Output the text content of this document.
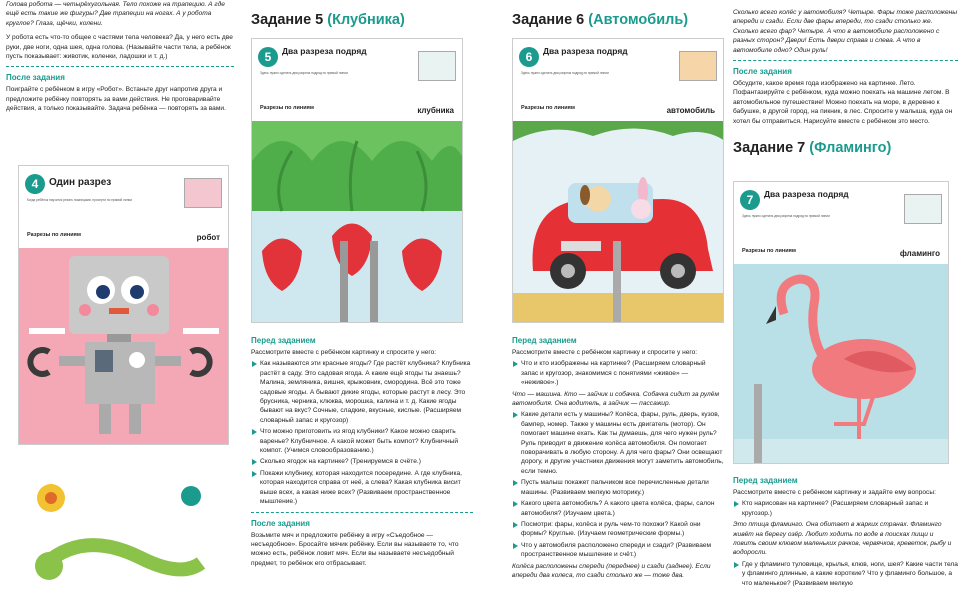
Голова робота — четырёхугольная. Тело похоже на трапецию. А где ещё есть такие же фигуры? Две трапеции на ногах. А у робота круглое? Глаза, щёчки, колени.

У робота есть что-то общее с частями тела человека? Да, у него есть две руки, две ноги, одна шея, одна голова. (Называйте части тела, а ребёнок пусть показывает: животик, коленки, ладошки и т. д.)

После задания

Поиграйте с ребёнком в игру «Робот». Встаньте друг напротив друга и предложите ребёнку повторять за вами действия. Не проговаривайте действия, а только показывайте. Задача ребёнка — повторять за вами.

4	Один разрез
Когда ребёнок научится резать ножницами, прочерти по прямой линии
Разрезы по линиям	робот
Задание 5 (Клубника)
5	Два разреза подряд
Здесь нужно сделать два разреза подряд по прямой линии
Разрезы по линиям	клубника
Перед заданием

Рассмотрите вместе с ребёнком картинку и спросите у него:

Как называются эти красные ягоды? Где растёт клубника? Клубника растёт в саду. Это садовая ягода. А какие ещё ягоды ты знаешь? Малина, земляника, вишня, крыжовник, смородина. Всё это тоже садовые ягоды. А бывают дикие ягоды, которые растут в лесу. Это брусника, черника, клюква, морошка, калина и т. д. Какие ягоды бывают на вкус? Сочные, сладкие, вкусные, кислые. (Расширяем словарный запас и кругозор)

Что можно приготовить из ягод клубники? Какое можно сварить варенье? Клубничное. А какой может быть компот? Клубничный компот. (Учимся словообразованию.)

Сколько ягодок на картинке? (Тренируемся в счёте.)

Покажи клубнику, которая находится посередине. А где клубника, которая находится справа от неё, а слева? Какая клубника висит выше всех, а какая ниже всех? (Развиваем пространственное мышление.)

После задания

Возьмите мяч и предложите ребёнку в игру «Съедобное — несъедобное». Бросайте мячик ребёнку. Если вы называете то, что можно есть, ребёнок ловит мяч. Если вы называете несъедобный предмет, то ребёнок его отбрасывает.

Задание 6 (Автомобиль)
6	Два разреза подряд
Здесь нужно сделать два разреза подряд по прямой линии
Разрезы по линиям	автомобиль
Перед заданием

Рассмотрите вместе с ребёнком картинку и спросите у него:

Что и кто изображены на картинке? (Расширяем словарный запас и кругозор, знакомимся с понятиями «живое» — «неживое».)

Что — машина. Кто — зайчик и собачка. Собачка сидит за рулём автомобиля. Она водитель, а зайчик — пассажир.

Какие детали есть у машины? Колёса, фары, руль, дверь, кузов, бампер, номер. Также у машины есть двигатель (мотор). Он помогает машине ехать. Как ты думаешь, для чего нужен руль? Руль приводит в движение колёса автомобиля. Он помогает поворачивать в любую сторону. А для чего фары? Они освещают дорогу, и другие участники движения могут заметить автомобиль, если темно.

Пусть малыш покажет пальчиком все перечисленные детали машины. (Развиваем мелкую моторику.)

Какого цвета автомобиль? А какого цвета колёса, фары, салон автомобиля? (Изучаем цвета.)

Посмотри: фары, колёса и руль чем-то похожи? Какой они формы? Круглые. (Изучаем геометрические формы.)

Что у автомобиля расположено спереди и сзади? (Развиваем пространственное мышление и счёт.)

Колёса расположены спереди (переднее) и сзади (заднее). Если впереди два колеса, то сзади столько же — тоже два.

Сколько всего колёс у автомобиля? Четыре. Фары тоже расположены впереди и сзади. Если две фары впереди, то сзади столько же. Сколько всего фар? Четыре. А что в автомобиле расположено с разных сторон? Двери! Есть двери справа и слева. А что в автомобиле одно? Один руль!

После задания

Обсудите, какое время года изображено на картинке. Лето. Пофантазируйте с ребёнком, куда можно поехать на машине летом. В автомобильное путешествие! Можно поехать на море, в деревню к бабушке, в другой город, на пикник, в лес. Спросите у малыша, куда он хотел бы отправиться. Нарисуйте вместе с ребёнком это место.

Задание 7 (Фламинго)
7	Два разреза подряд
Здесь нужно сделать два разреза подряд по прямой линии
Разрезы по линиям	фламинго
Перед заданием

Рассмотрите вместе с ребёнком картинку и задайте ему вопросы:

Кто нарисован на картинке? (Расширяем словарный запас и кругозор.)

Это птица фламинго. Она обитает в жарких странах. Фламинго живёт на берегу озёр. Любит ходить по воде в поисках пищи и ловить своим клювом маленьких рачков, червячков, креветок, рыбу и водоросли.

Где у фламинго туловище, крылья, клюв, ноги, шея? Какие части тела у фламинго длинные, а какие короткие? Что у фламинго большое, а что маленькое? (Развиваем мелкую
